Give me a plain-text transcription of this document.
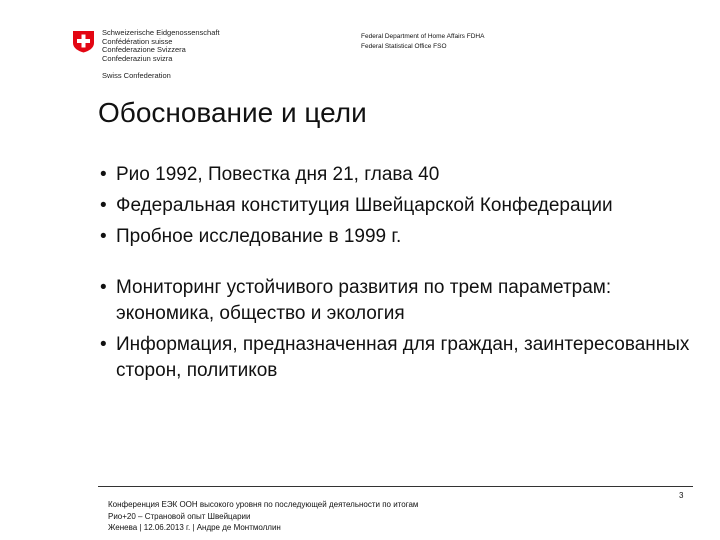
Schweizerische Eidgenossenschaft
Confédération suisse
Confederazione Svizzera
Confederaziun svizra
Swiss Confederation
Federal Department of Home Affairs FDHA
Federal Statistical Office FSO
Обоснование и цели
• Рио 1992, Повестка дня 21, глава 40
• Федеральная конституция Швейцарской Конфедерации
• Пробное исследование в 1999 г.
• Мониторинг устойчивого развития по трем параметрам: экономика, общество и экология
• Информация, предназначенная для граждан, заинтересованных сторон, политиков
3
Конференция ЕЭК ООН высокого уровня по последующей деятельности по итогам
Рио+20 – Страновой опыт Швейцарии
Женева | 12.06.2013 г. | Андре де Монтмоллин
